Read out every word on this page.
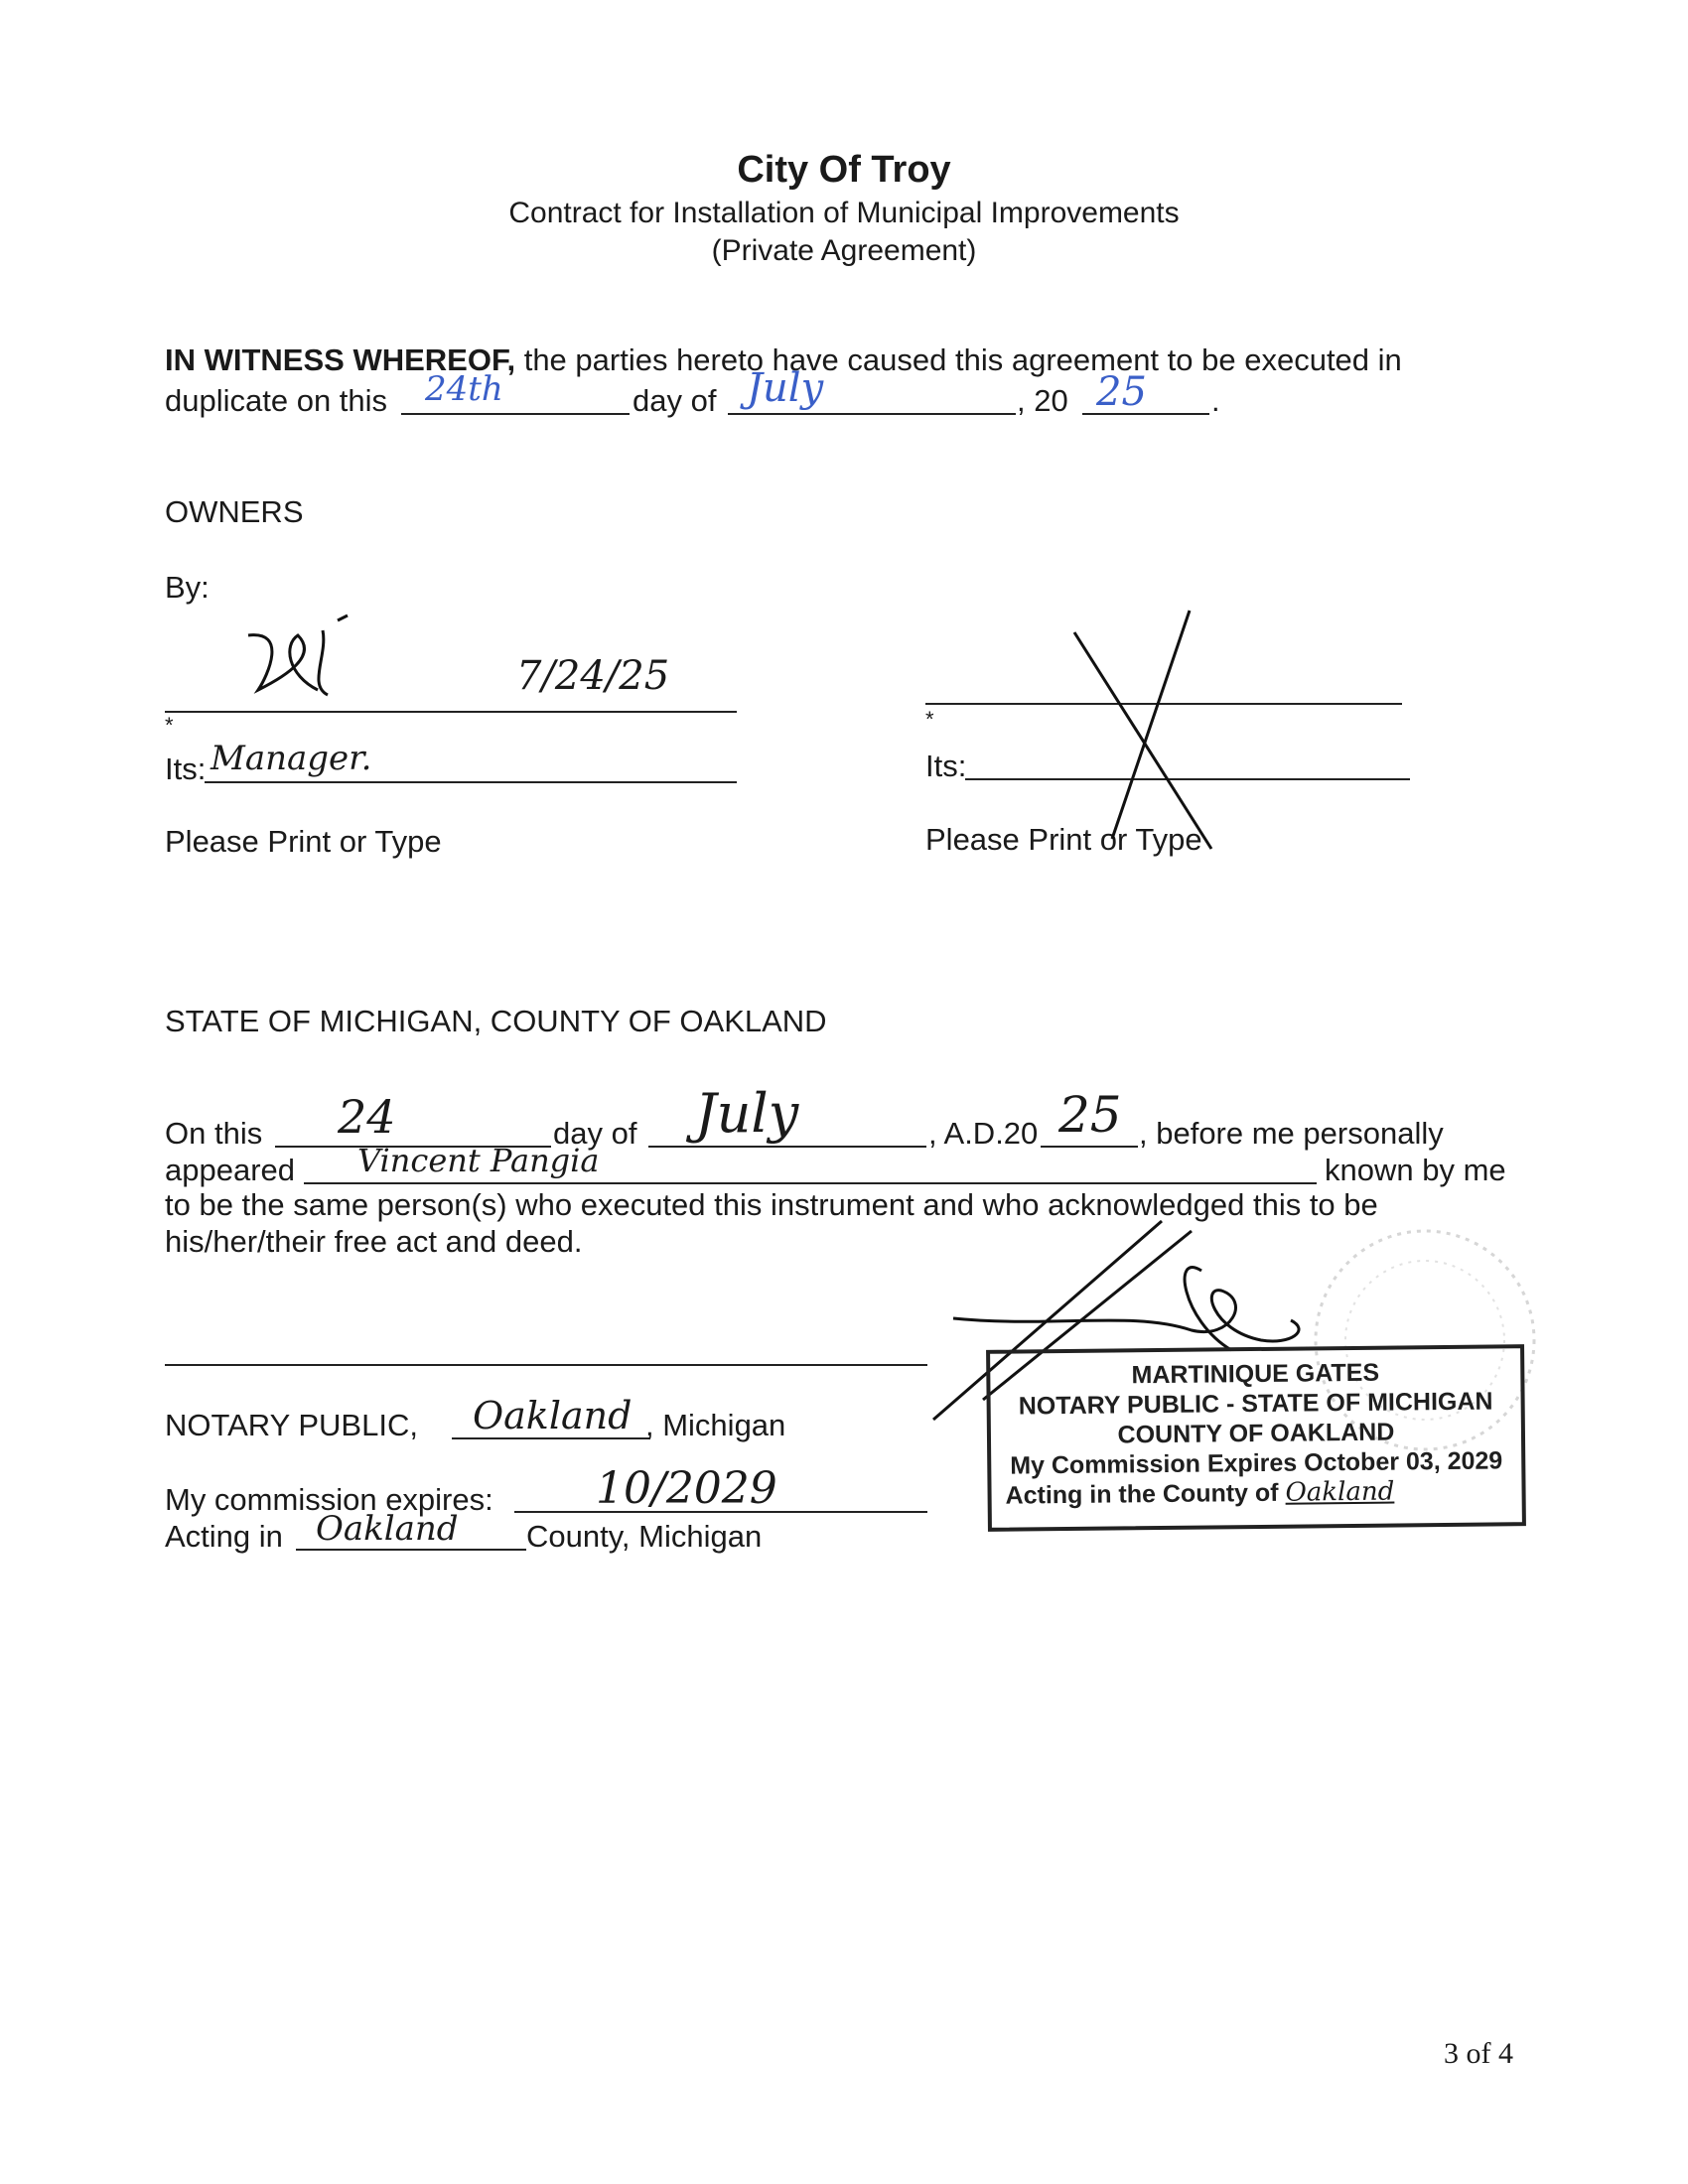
City Of Troy
Contract for Installation of Municipal Improvements
(Private Agreement)
IN WITNESS WHEREOF, the parties hereto have caused this agreement to be executed in
duplicate on this 24th	day of July	, 20 25 .
OWNERS
By:
7/24/25
*
Its: Manager.
Please Print or Type
*
Its:
Please Print or Type
STATE OF MICHIGAN, COUNTY OF OAKLAND
On this 24	day of July	, A.D.20 25 , before me personally
appeared Vincent Pangia	known by me
to be the same person(s) who executed this instrument and who acknowledged this to be
his/her/their free act and deed.
MARTINIQUE GATES
NOTARY PUBLIC - STATE OF MICHIGAN
COUNTY OF OAKLAND
My Commission Expires October 03, 2029
Acting in the County of Oakland
NOTARY PUBLIC, Oakland , Michigan
My commission expires: 10/2029
Acting in Oakland County, Michigan
3 of 4
